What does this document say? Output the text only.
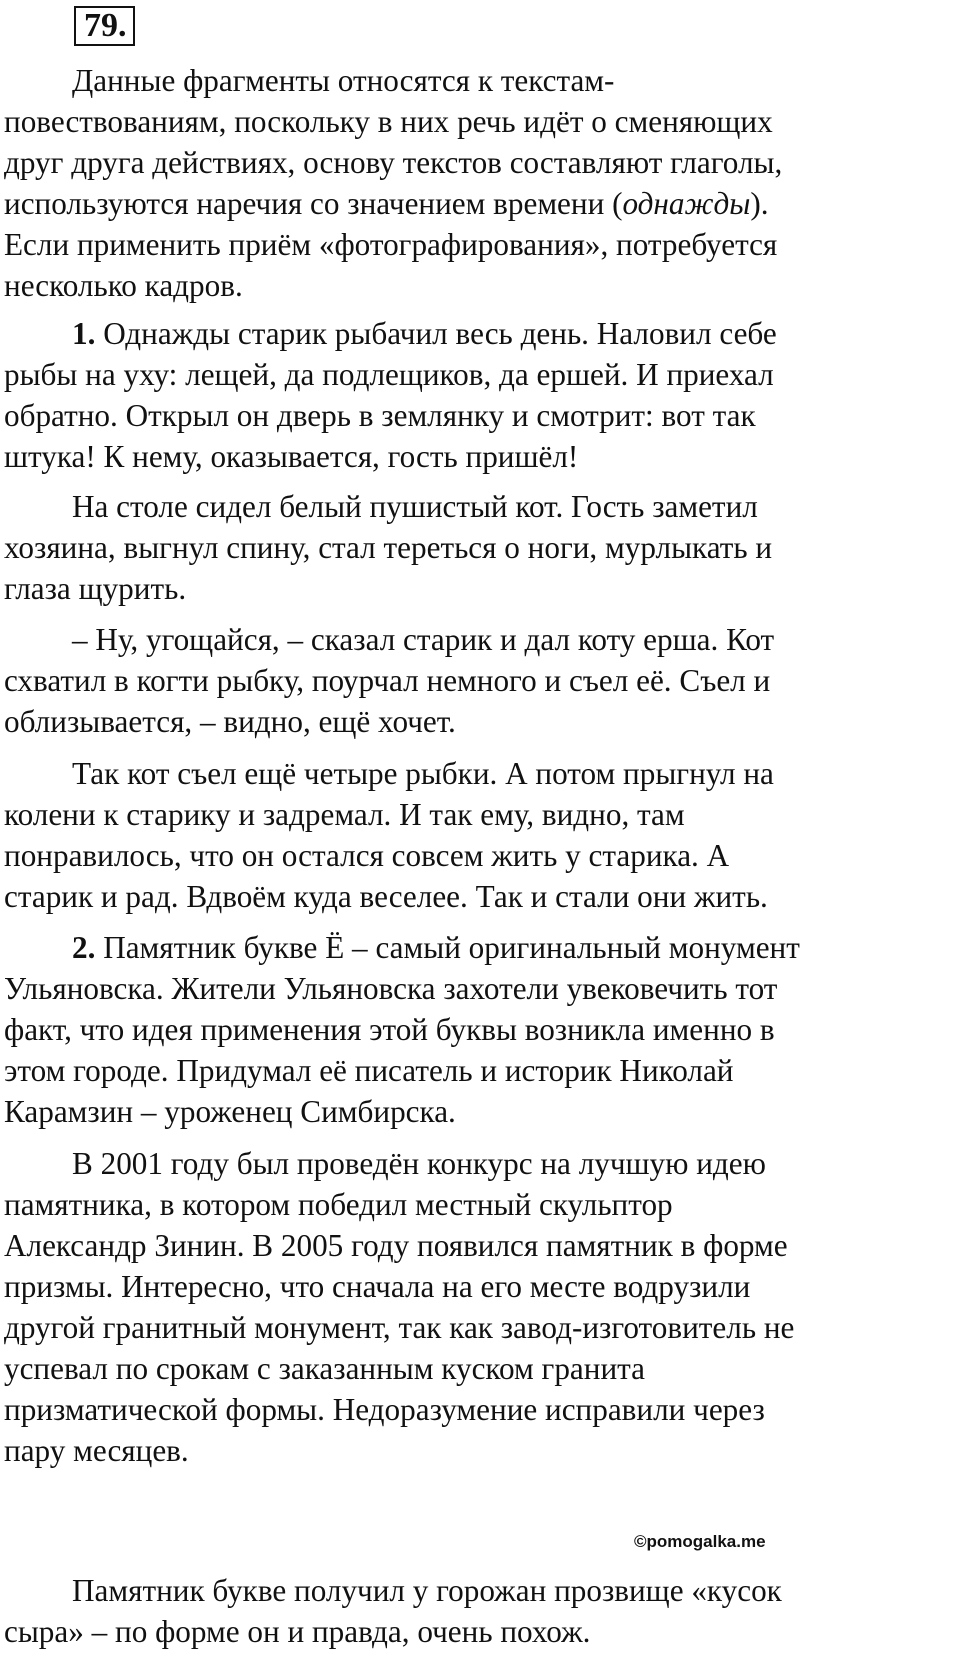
79.
Данные фрагменты относятся к текстам-
повествованиям, поскольку в них речь идёт о сменяющих
друг друга действиях, основу текстов составляют глаголы,
используются наречия со значением времени (однажды).
Если применить приём «фотографирования», потребуется
несколько кадров.
1. Однажды старик рыбачил весь день. Наловил себе
рыбы на уху: лещей, да подлещиков, да ершей. И приехал
обратно. Открыл он дверь в землянку и смотрит: вот так
штука! К нему, оказывается, гость пришёл!
На столе сидел белый пушистый кот. Гость заметил
хозяина, выгнул спину, стал тереться о ноги, мурлыкать и
глаза щурить.
– Ну, угощайся, – сказал старик и дал коту ерша. Кот
схватил в когти рыбку, поурчал немного и съел её. Съел и
облизывается, – видно, ещё хочет.
Так кот съел ещё четыре рыбки. А потом прыгнул на
колени к старику и задремал. И так ему, видно, там
понравилось, что он остался совсем жить у старика. А
старик и рад. Вдвоём куда веселее. Так и стали они жить.
2. Памятник букве Ё – самый оригинальный монумент
Ульяновска. Жители Ульяновска захотели увековечить тот
факт, что идея применения этой буквы возникла именно в
этом городе. Придумал её писатель и историк Николай
Карамзин – уроженец Симбирска.
В 2001 году был проведён конкурс на лучшую идею
памятника, в котором победил местный скульптор
Александр Зинин. В 2005 году появился памятник в форме
призмы. Интересно, что сначала на его месте водрузили
другой гранитный монумент, так как завод-изготовитель не
успевал по срокам с заказанным куском гранита
призматической формы. Недоразумение исправили через
пару месяцев.
Памятник букве получил у горожан прозвище «кусок
сыра» – по форме он и правда, очень похож.
©pomogalka.me
